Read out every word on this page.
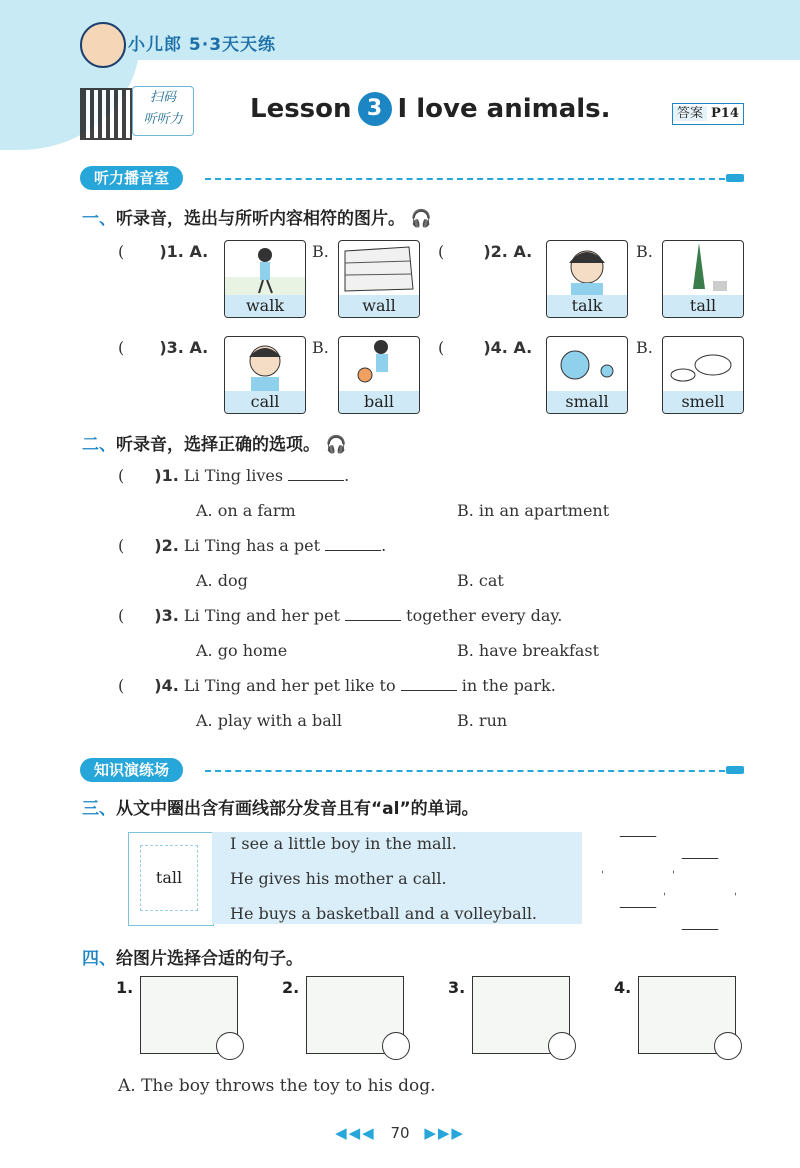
小儿郎 5·3天天练
扫码
听听力	Lesson 3 I love animals.	答案 P14
听力播音室
一、听录音，选出与所听内容相符的图片。 🎧
( )1. A.
walk
B.
wall
( )2. A.
talk
B.
tall
( )3. A.
call
B.
ball
( )4. A.
small
B.
smell
二、听录音，选择正确的选项。 🎧
( )1. Li Ting lives	.
A. on a farm	B. in an apartment
( )2. Li Ting has a pet	.
A. dog	B. cat
( )3. Li Ting and her pet	together every day.
A. go home	B. have breakfast
( )4. Li Ting and her pet like to	in the park.
A. play with a ball	B. run
知识演练场
三、从文中圈出含有画线部分发音且有“al”的单词。
tall
I see a little boy in the mall.
He gives his mother a call.
He buys a basketball and a volleyball.
四、给图片选择合适的句子。
1.	2.	3.	4.
A. The boy throws the toy to his dog.
◀◀◀ 70 ▶▶▶
